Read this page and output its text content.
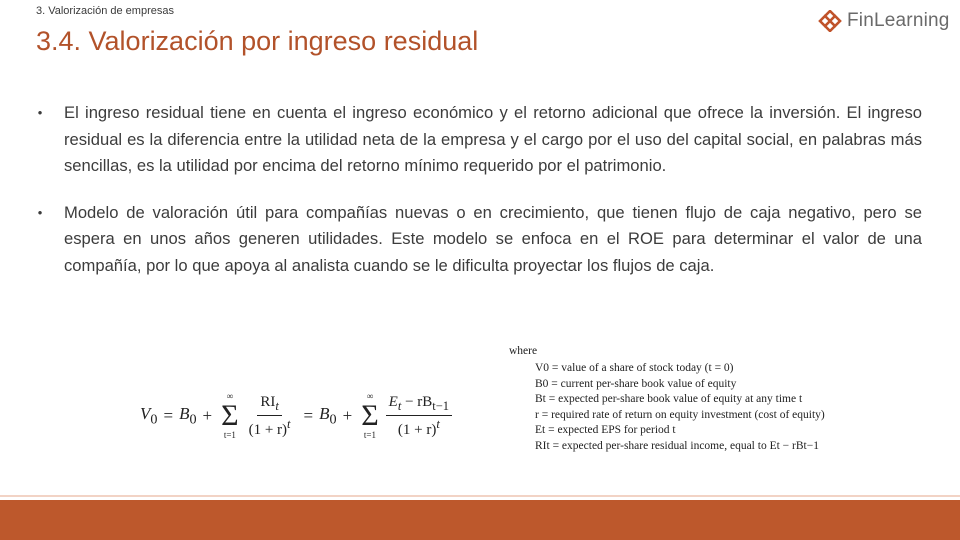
3. Valorización de empresas
3.4. Valorización por ingreso residual
FinLearning
•	El ingreso residual tiene en cuenta el ingreso económico y el retorno adicional que ofrece la inversión. El ingreso residual es la diferencia entre la utilidad neta de la empresa y el cargo por el uso del capital social, en palabras más sencillas, es la utilidad por encima del retorno mínimo requerido por el patrimonio.
•	Modelo de valoración útil para compañías nuevas o en crecimiento, que tienen flujo de caja negativo, pero se espera en unos años generen utilidades. Este modelo se enfoca en el ROE para determinar el valor de una compañía, por lo que apoya al analista cuando se le dificulta proyectar los flujos de caja.
$V_0 = B_0$ +
∞
Σ
$t=1 \frac{RI_t}{(1 + r)^t} = B_0$ +
∞
Σ
$t=1 \frac{E_t - rB_{t-1}}{(1 + r)^t}$
where
V0 = value of a share of stock today (t = 0)
B0 = current per-share book value of equity
Bt = expected per-share book value of equity at any time t
r = required rate of return on equity investment (cost of equity)
Et = expected EPS for period t
RIt = expected per-share residual income, equal to Et − rBt−1
